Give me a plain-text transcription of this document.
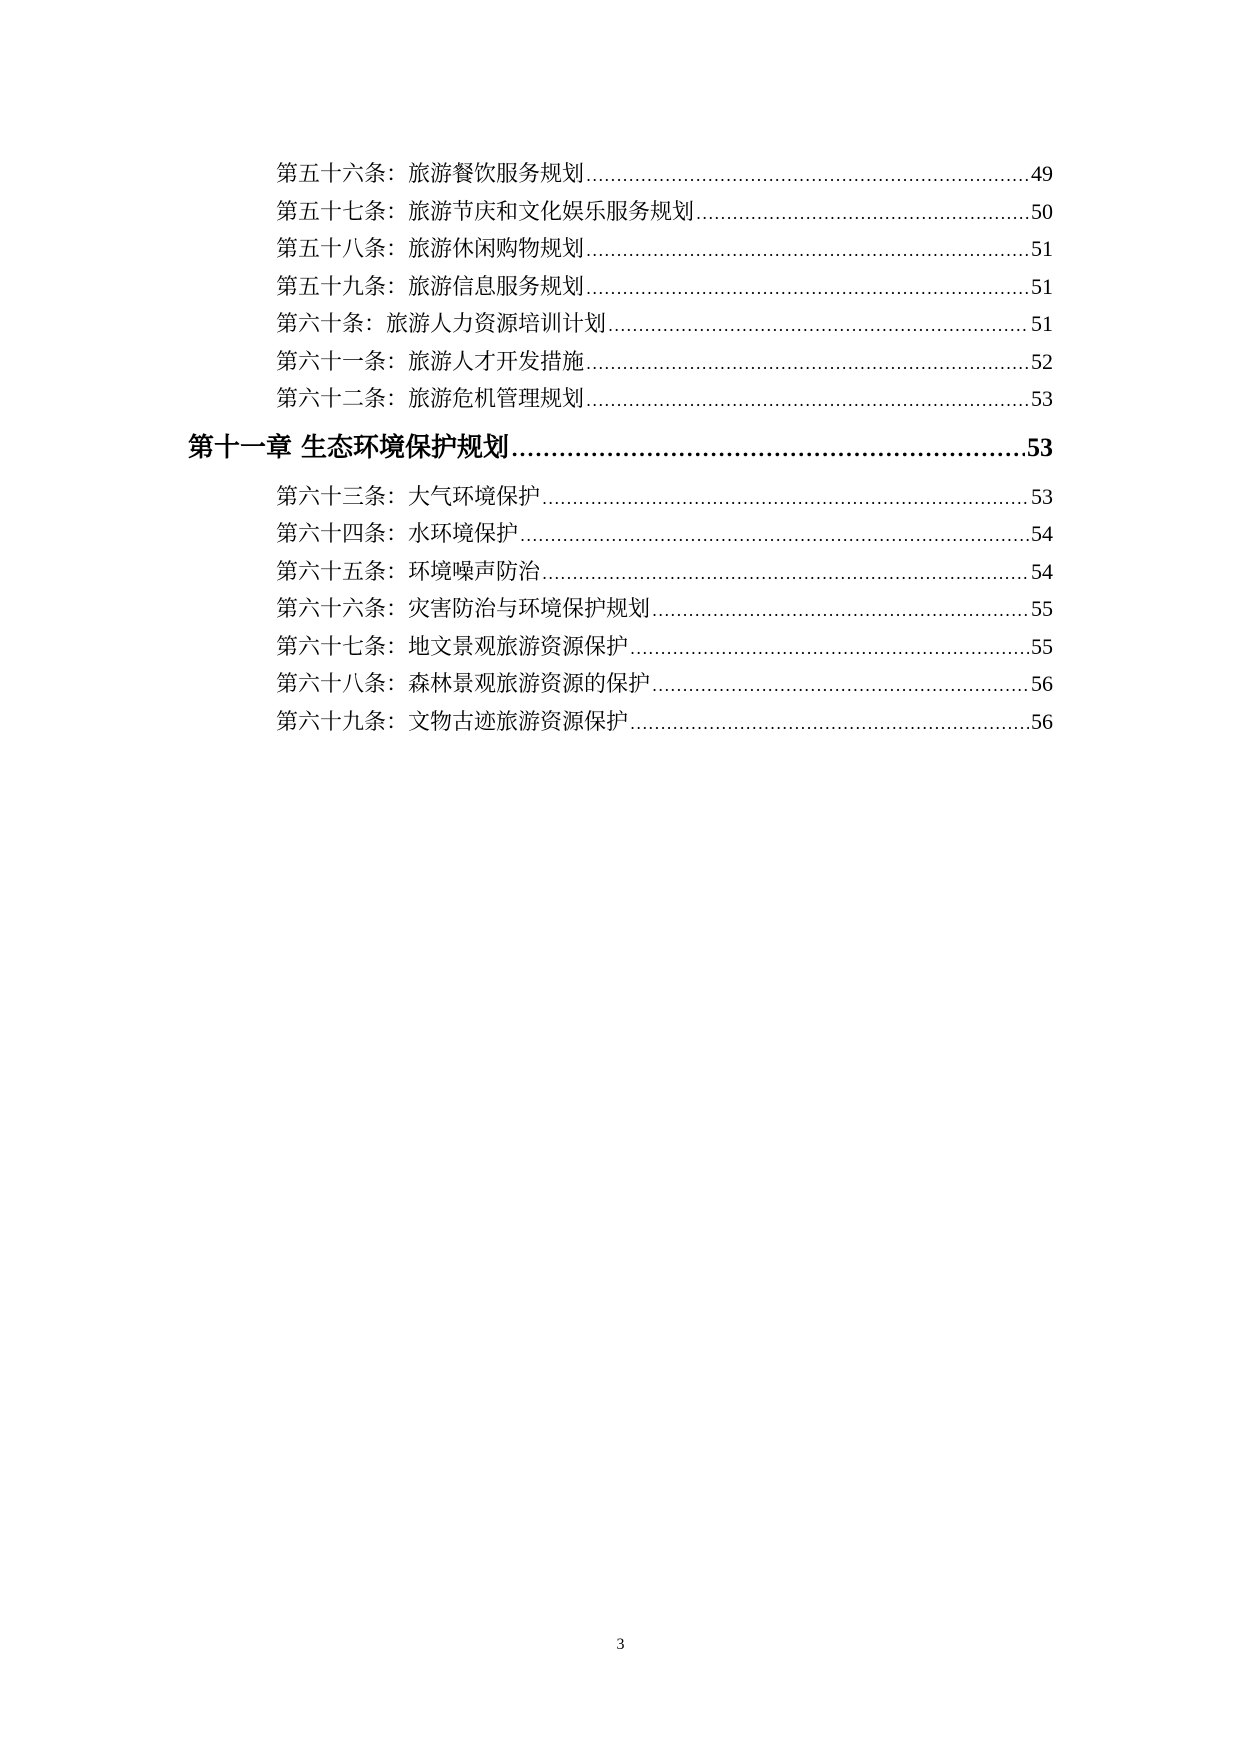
第五十六条：旅游餐饮服务规划 .....	49
第五十七条：旅游节庆和文化娱乐服务规划 .....	50
第五十八条：旅游休闲购物规划 .....	51
第五十九条：旅游信息服务规划 .....	51
第六十条：旅游人力资源培训计划 .....	51
第六十一条：旅游人才开发措施 .....	52
第六十二条：旅游危机管理规划 .....	53
第十一章 生态环境保护规划 .....	53
第六十三条：大气环境保护 .....	53
第六十四条：水环境保护 .....	54
第六十五条：环境噪声防治 .....	54
第六十六条：灾害防治与环境保护规划 .....	55
第六十七条：地文景观旅游资源保护 .....	55
第六十八条：森林景观旅游资源的保护 .....	56
第六十九条：文物古迹旅游资源保护 .....	56
3
